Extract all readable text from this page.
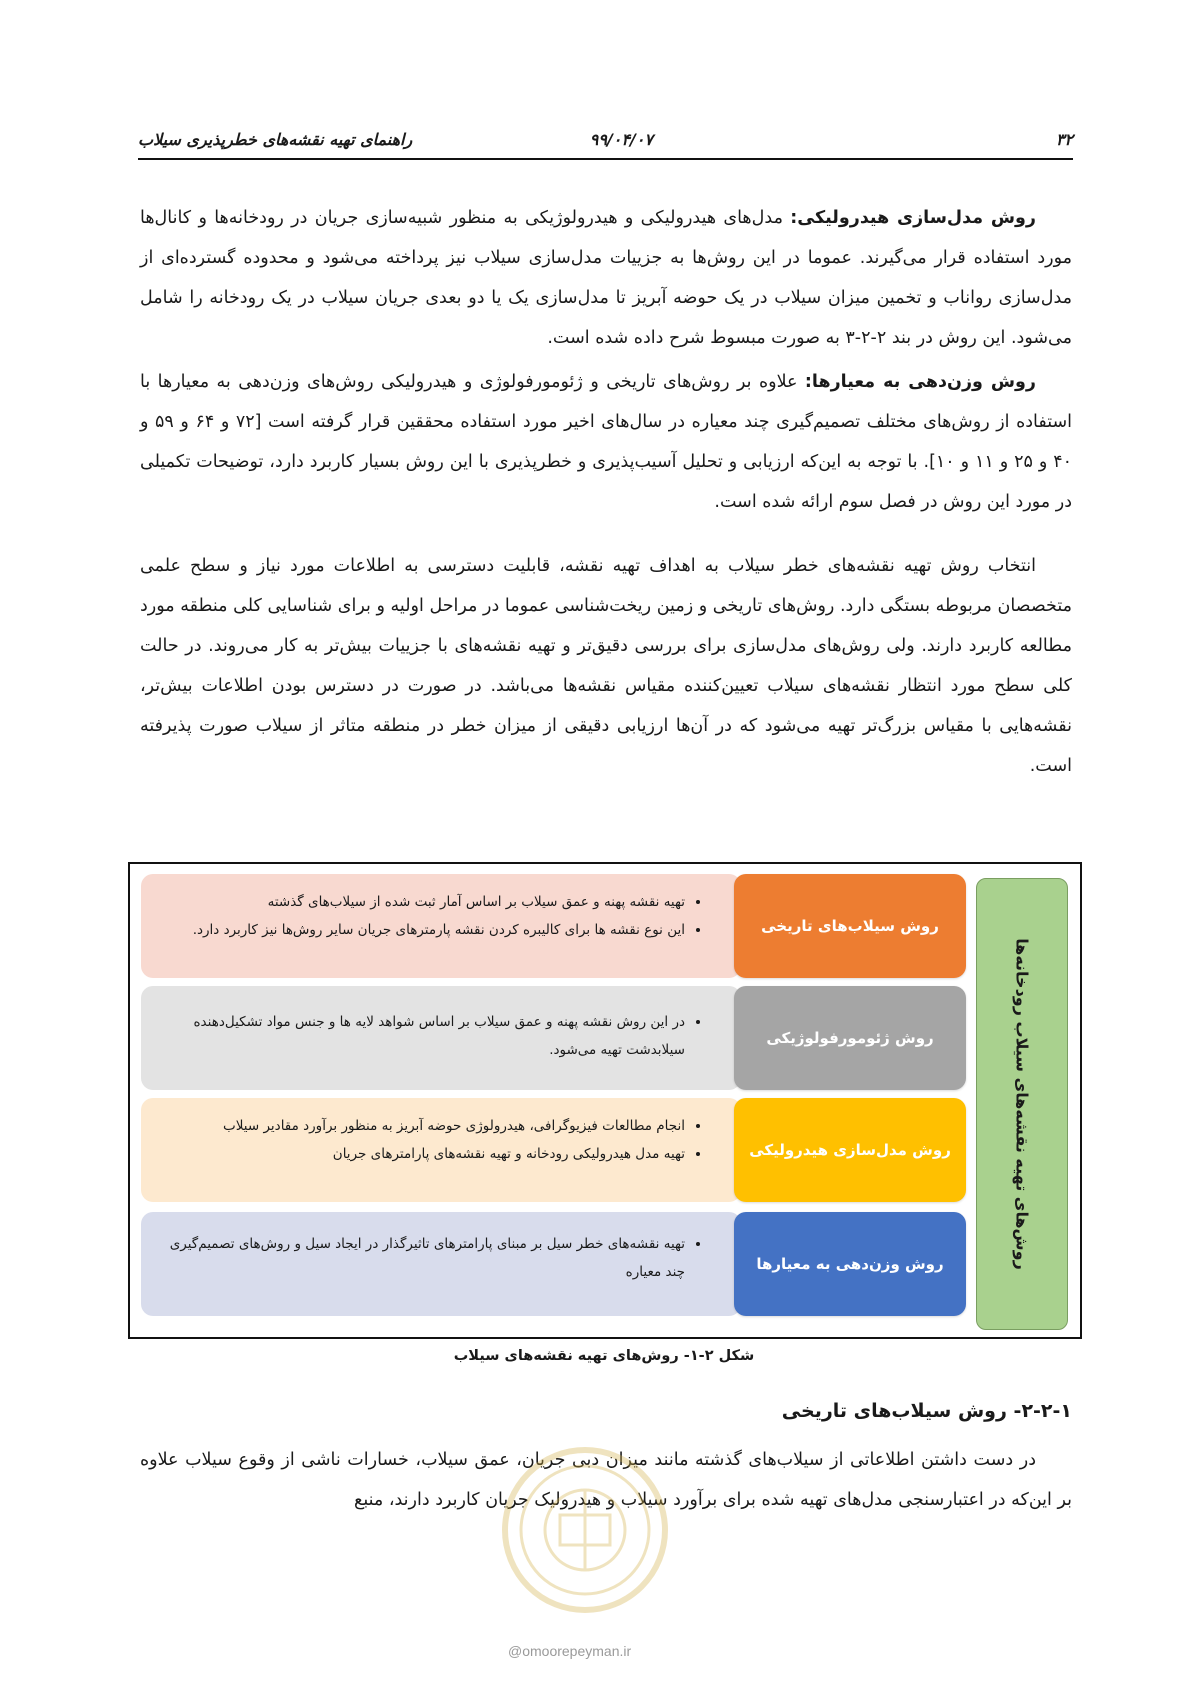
۳۲
۹۹/۰۴/۰۷
راهنمای تهیه نقشه‌های خطرپذیری سیلاب

روش مدل‌سازی هیدرولیکی: مدل‌های هیدرولیکی و هیدرولوژیکی به منظور شبیه‌سازی جریان در رودخانه‌ها و کانال‌ها مورد استفاده قرار می‌گیرند. عموما در این روش‌ها به جزییات مدل‌سازی سیلاب نیز پرداخته می‌شود و محدوده گسترده‌ای از مدل‌سازی رواناب و تخمین میزان سیلاب در یک حوضه آبریز تا مدل‌سازی یک یا دو بعدی جریان سیلاب در یک رودخانه را شامل می‌شود. این روش در بند ۲-۲-۳ به صورت مبسوط شرح داده شده است.

روش وزن‌دهی به معیارها: علاوه بر روش‌های تاریخی و ژئومورفولوژی و هیدرولیکی روش‌های وزن‌دهی به معیارها با استفاده از روش‌های مختلف تصمیم‌گیری چند معیاره در سال‌های اخیر مورد استفاده محققین قرار گرفته است [۷۲ و ۶۴ و ۵۹ و ۴۰ و ۲۵ و ۱۱ و ۱۰]. با توجه به این‌که ارزیابی و تحلیل آسیب‌پذیری و خطرپذیری با این روش بسیار کاربرد دارد، توضیحات تکمیلی در مورد این روش در فصل سوم ارائه شده است.

انتخاب روش تهیه نقشه‌های خطر سیلاب به اهداف تهیه نقشه، قابلیت دسترسی به اطلاعات مورد نیاز و سطح علمی متخصصان مربوطه بستگی دارد. روش‌های تاریخی و زمین ریخت‌شناسی عموما در مراحل اولیه و برای شناسایی کلی منطقه مورد مطالعه کاربرد دارند. ولی روش‌های مدل‌سازی برای بررسی دقیق‌تر و تهیه نقشه‌های با جزییات بیش‌تر به کار می‌روند. در حالت کلی سطح مورد انتظار نقشه‌های سیلاب تعیین‌کننده مقیاس نقشه‌ها می‌باشد. در صورت در دسترس بودن اطلاعات بیش‌تر، نقشه‌هایی با مقیاس بزرگ‌تر تهیه می‌شود که در آن‌ها ارزیابی دقیقی از میزان خطر در منطقه متاثر از سیلاب صورت پذیرفته است.

روش‌های تهیه نقشه‌های سیلاب رودخانه‌ها
• تهیه نقشه پهنه و عمق سیلاب بر اساس آمار ثبت شده از سیلاب‌های گذشته
• این نوع نقشه ها برای کالیبره کردن نقشه پارمترهای جریان سایر روش‌ها نیز کاربرد دارد.	روش سیلاب‌های تاریخی
• در این روش نقشه پهنه و عمق سیلاب بر اساس شواهد لایه ها و جنس مواد تشکیل‌دهنده سیلابدشت تهیه می‌شود.
روش ژئومورفولوژیکی
• انجام مطالعات فیزیوگرافی، هیدرولوژی حوضه آبریز به منظور برآورد مقادیر سیلاب
• تهیه مدل هیدرولیکی رودخانه و تهیه نقشه‌های پارامترهای جریان	روش مدل‌سازی هیدرولیکی
• تهیه نقشه‌های خطر سیل بر مبنای پارامترهای تاثیرگذار در ایجاد سیل و روش‌های تصمیم‌گیری چند معیاره	روش وزن‌دهی به معیارها
شکل ۲-۱- روش‌های تهیه نقشه‌های سیلاب
۲-۲-۱- روش سیلاب‌های تاریخی

در دست داشتن اطلاعاتی از سیلاب‌های گذشته مانند میزان دبی جریان، عمق سیلاب، خسارات ناشی از وقوع سیلاب علاوه بر این‌که در اعتبارسنجی مدل‌های تهیه شده برای برآورد سیلاب و هیدرولیک جریان کاربرد دارند، منبع

@omoorepeyman.ir
